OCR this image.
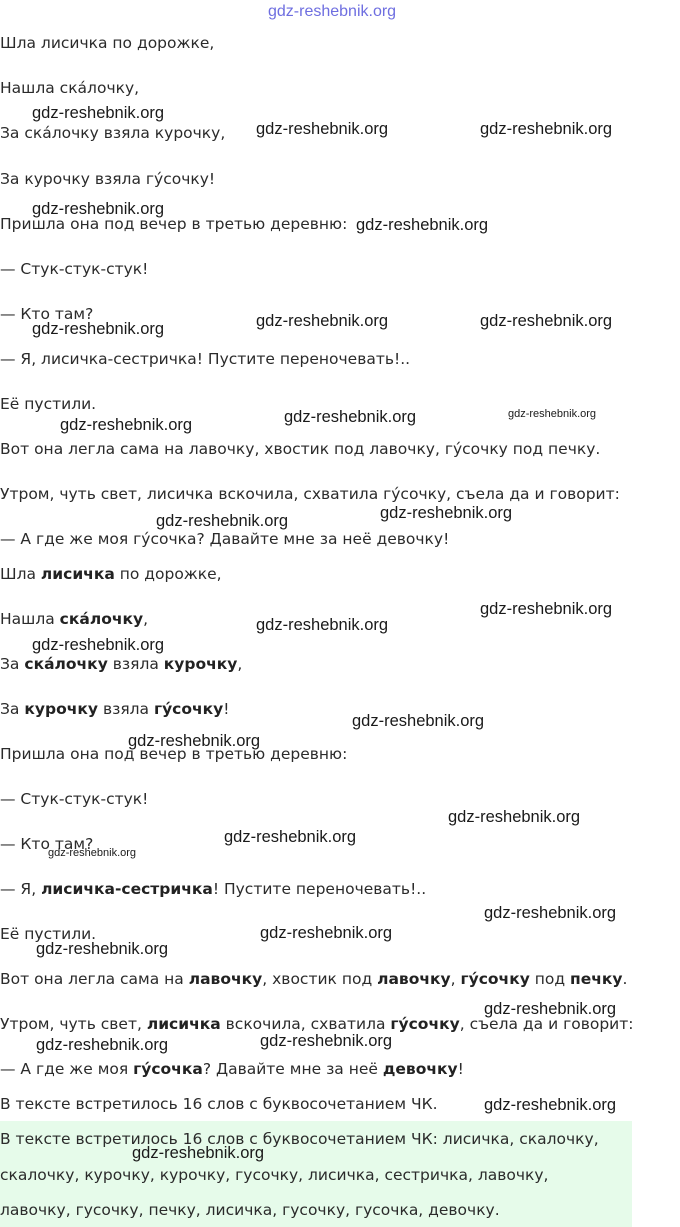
gdz-reshebnik.org
Шла лисичка по дорожке,
Нашла ска́лочку,
За ска́лочку взяла курочку,
За курочку взяла гу́сочку!
Пришла она под вечер в третью деревню:
— Стук-стук-стук!
— Кто там?
— Я, лисичка-сестричка! Пустите переночевать!..
Её пустили.
Вот она легла сама на лавочку, хвостик под лавочку, гу́сочку под печку.
Утром, чуть свет, лисичка вскочила, схватила гу́сочку, съела да и говорит:
— А где же моя гу́сочка? Давайте мне за неё девочку!
Шла лисичка по дорожке,
Нашла ска́лочку,
За ска́лочку взяла курочку,
За курочку взяла гу́сочку!
Пришла она под вечер в третью деревню:
— Стук-стук-стук!
— Кто там?
— Я, лисичка-сестричка! Пустите переночевать!..
Её пустили.
Вот она легла сама на лавочку, хвостик под лавочку, гу́сочку под печку.
Утром, чуть свет, лисичка вскочила, схватила гу́сочку, съела да и говорит:
— А где же моя гу́сочка? Давайте мне за неё девочку!
В тексте встретилось 16 слов с буквосочетанием ЧК.
В тексте встретилось 16 слов с буквосочетанием ЧК: лисичка, скалочку,
скалочку, курочку, курочку, гусочку, лисичка, сестричка, лавочку,
лавочку, гусочку, печку, лисичка, гусочку, гусочка, девочку.
gdz-reshebnik.org
gdz-reshebnik.org	gdz-reshebnik.org
gdz-reshebnik.org
gdz-reshebnik.org
gdz-reshebnik.org	gdz-reshebnik.org	gdz-reshebnik.org
gdz-reshebnik.org	gdz-reshebnik.org	gdz-reshebnik.org
gdz-reshebnik.org	gdz-reshebnik.org
gdz-reshebnik.org
gdz-reshebnik.org
gdz-reshebnik.org
gdz-reshebnik.org
gdz-reshebnik.org
gdz-reshebnik.org
gdz-reshebnik.org
gdz-reshebnik.org
gdz-reshebnik.org
gdz-reshebnik.org
gdz-reshebnik.org
gdz-reshebnik.org
gdz-reshebnik.org
gdz-reshebnik.org
gdz-reshebnik.org
gdz-reshebnik.org
